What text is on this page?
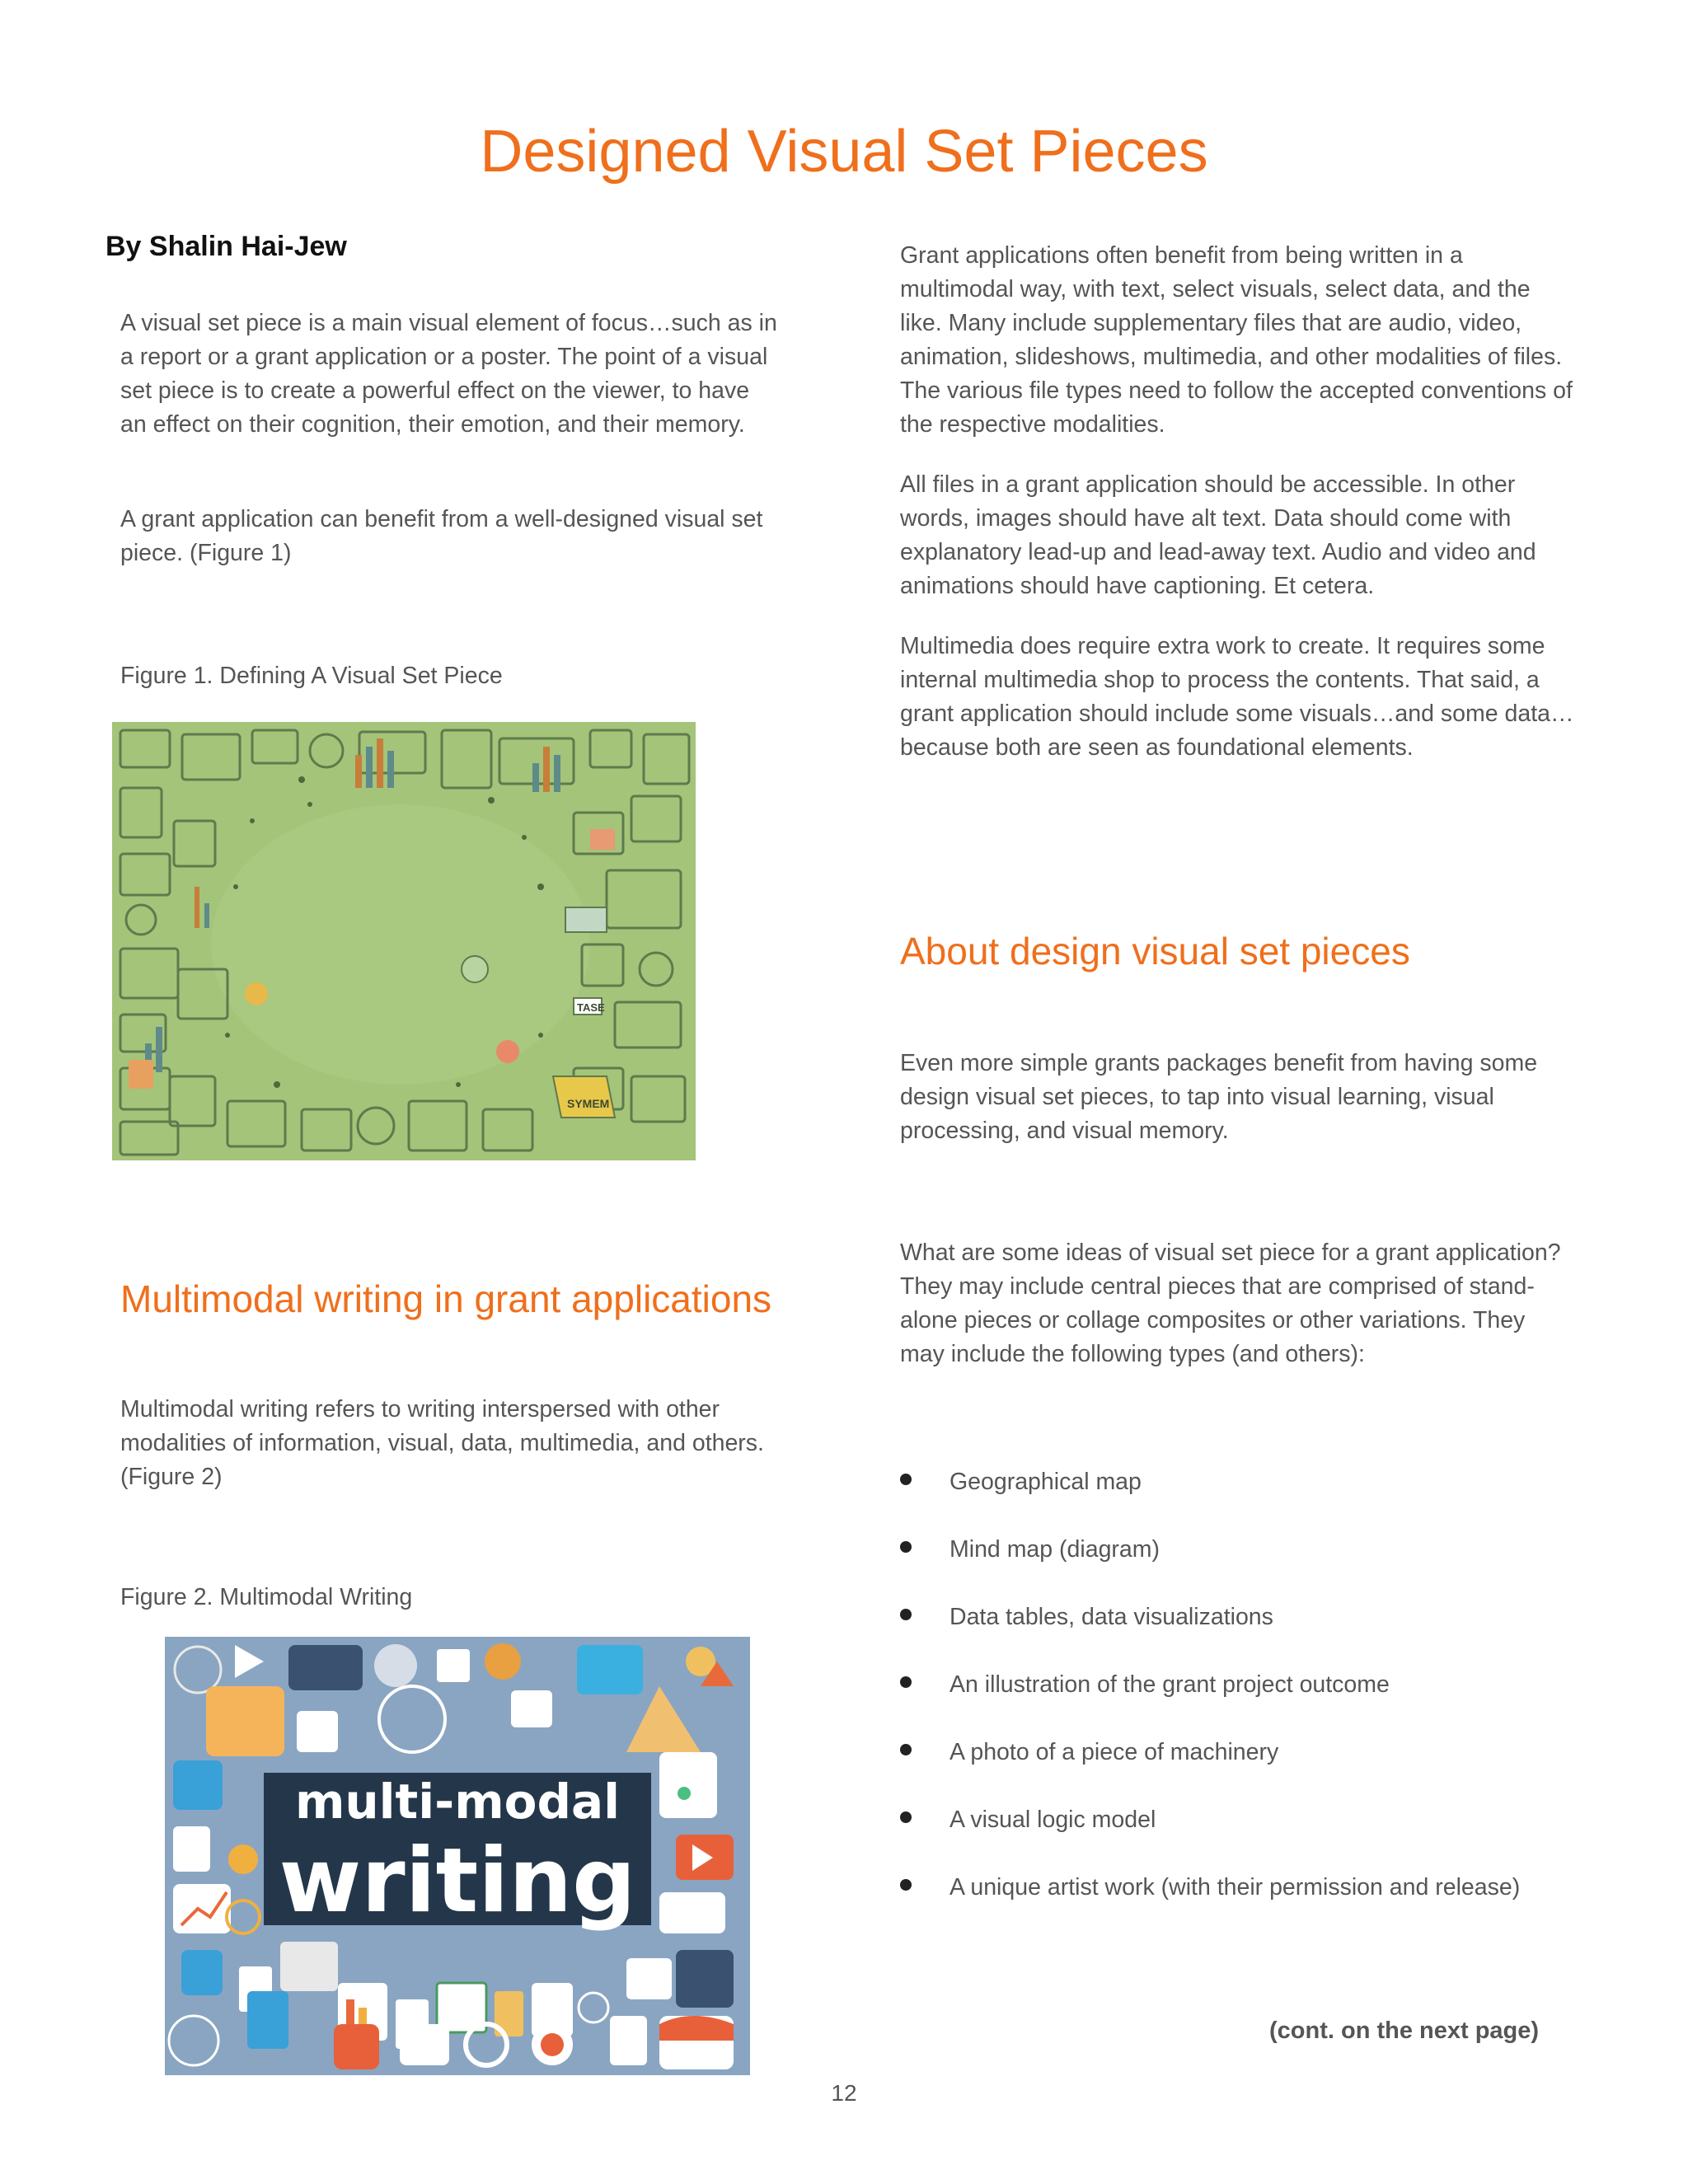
Designed Visual Set Pieces
By Shalin Hai-Jew

A visual set piece is a main visual element of focus…such as in a report or a grant application or a poster. The point of a visual set piece is to create a powerful effect on the viewer, to have an effect on their cognition, their emotion, and their memory.

A grant application can benefit from a well-designed visual set piece. (Figure 1)

Figure 1. Defining A Visual Set Piece
TASE
SYMEM
Multimodal writing in grant applications

Multimodal writing refers to writing interspersed with other modalities of information, visual, data, multimedia, and others. (Figure 2)

Figure 2. Multimodal Writing
multi-modal
writing

Grant applications often benefit from being written in a multimodal way, with text, select visuals, select data, and the like. Many include supplementary files that are audio, video, animation, slideshows, multimedia, and other modalities of files. The various file types need to follow the accepted conventions of the respective modalities.

All files in a grant application should be accessible. In other words, images should have alt text. Data should come with explanatory lead-up and lead-away text. Audio and video and animations should have captioning. Et cetera.

Multimedia does require extra work to create. It requires some internal multimedia shop to process the contents. That said, a grant application should include some visuals…and some data…because both are seen as foundational elements.

About design visual set pieces

Even more simple grants packages benefit from having some design visual set pieces, to tap into visual learning, visual processing, and visual memory.

What are some ideas of visual set piece for a grant application? They may include central pieces that are comprised of stand-alone pieces or collage composites or other variations. They may include the following types (and others):

Geographical map
Mind map (diagram)
Data tables, data visualizations
An illustration of the grant project outcome
A photo of a piece of machinery
A visual logic model
A unique artist work (with their permission and release)
(cont. on the next page)
12
